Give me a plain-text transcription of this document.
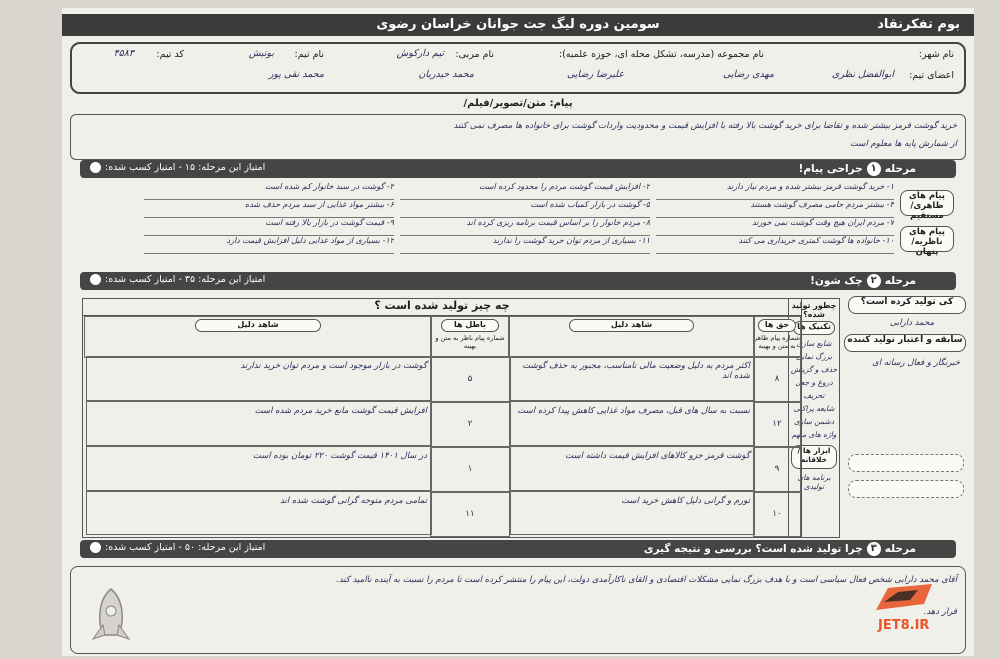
سومین دوره لیگ جت جوانان خراسان رضوی	بوم تفکرنقاد
نام شهر:
نام مجموعه (مدرسه، تشکل محله ای، حوزه علمیه):
نام مربی:
تیم دارکوش
نام تیم:
بوتیش
کد تیم:
۴۵۸۳
اعضای تیم:
ابوالفضل نظری
مهدی رضایی
علیرضا رضایی
محمد حیدریان
محمد نقی پور
پیام: متن/تصویر/فیلم/
خرید گوشت قرمز بیشتر شده و تقاضا برای خرید گوشت بالا رفته با افزایش قیمت و محدودیت واردات گوشت برای خانواده ها مصرف نمی کنند
از شمارش پایه ها معلوم است
مرحله
۱
جراحی پیام!
امتیاز این مرحله: ۱۵ - امتیاز کسب شده:
پیام های ظاهری/مستقیم
پیام های ناظریه/پنهان
۱- خرید گوشت قرمز بیشتر شده و مردم نیاز دارند
۴- بیشتر مردم حامی مصرف گوشت هستند
۷- مردم ایران هیچ وقت گوشت نمی خورند
۱۰- خانواده ها گوشت کمتری خریداری می کنند
۲- افزایش قیمت گوشت مردم را محدود کرده است
۵- گوشت در بازار کمیاب شده است
۸- مردم خانوار را بر اساس قیمت برنامه ریزی کرده اند
۱۱- بسیاری از مردم توان خرید گوشت را ندارند
۳- گوشت در سبد خانوار کم شده است
۶- بیشتر مواد غذایی از سبد مردم حذف شده
۹- قیمت گوشت در بازار بالا رفته است
۱۲- بسیاری از مواد غذایی دلیل افزایش قیمت دارد
مرحله
۲
چک شون!
امتیاز این مرحله: ۳۵ - امتیاز کسب شده:
کی تولید کرده است؟
محمد دارابی
سابقه و اعتبار تولید کننده
خبرنگار و فعال رسانه ای
چطور تولید شده؟
تکنیک ها
شایع سازی
بزرگ نمایی
حذف و گزینش
دروغ و جعل
تحریف
شایعه پراکنی
دشمن سازی
واژه های مبهم
ابزار ها / خلاقانه
برنامه های تولیدی
چه چیز تولید شده است ؟
حق ها
شماره پیام ظاهر به متن و بهینه
شاهد دلیل
باطل ها
شماره پیام ناظر به متن و بهینه
شاهد دلیل
۸
اکثر مردم به دلیل وضعیت مالی نامناسب، مجبور به حذف گوشت شده اند
۵
گوشت در بازار موجود است و مردم توان خرید ندارند
۱۲
نسبت به سال های قبل، مصرف مواد غذایی کاهش پیدا کرده است
۲
افزایش قیمت گوشت مانع خرید مردم شده است
۹
گوشت قرمز جزو کالاهای افزایش قیمت داشته است
۱
در سال ۱۴۰۱ قیمت گوشت ۲۲۰ تومان بوده است
۱۰
تورم و گرانی دلیل کاهش خرید است
۱۱
تمامی مردم متوجه گرانی گوشت شده اند
مرحله
۳
چرا تولید شده است؟ بررسی و نتیجه گیری
امتیاز این مرحله: ۵۰ - امتیاز کسب شده:
آقای محمد دارابی شخص فعال سیاسی است و با هدف بزرگ نمایی مشکلات اقتصادی و القای ناکارآمدی دولت، این پیام را منتشر کرده است تا مردم را نسبت به آینده ناامید کند.
قرار دهد.
JET8.IR
